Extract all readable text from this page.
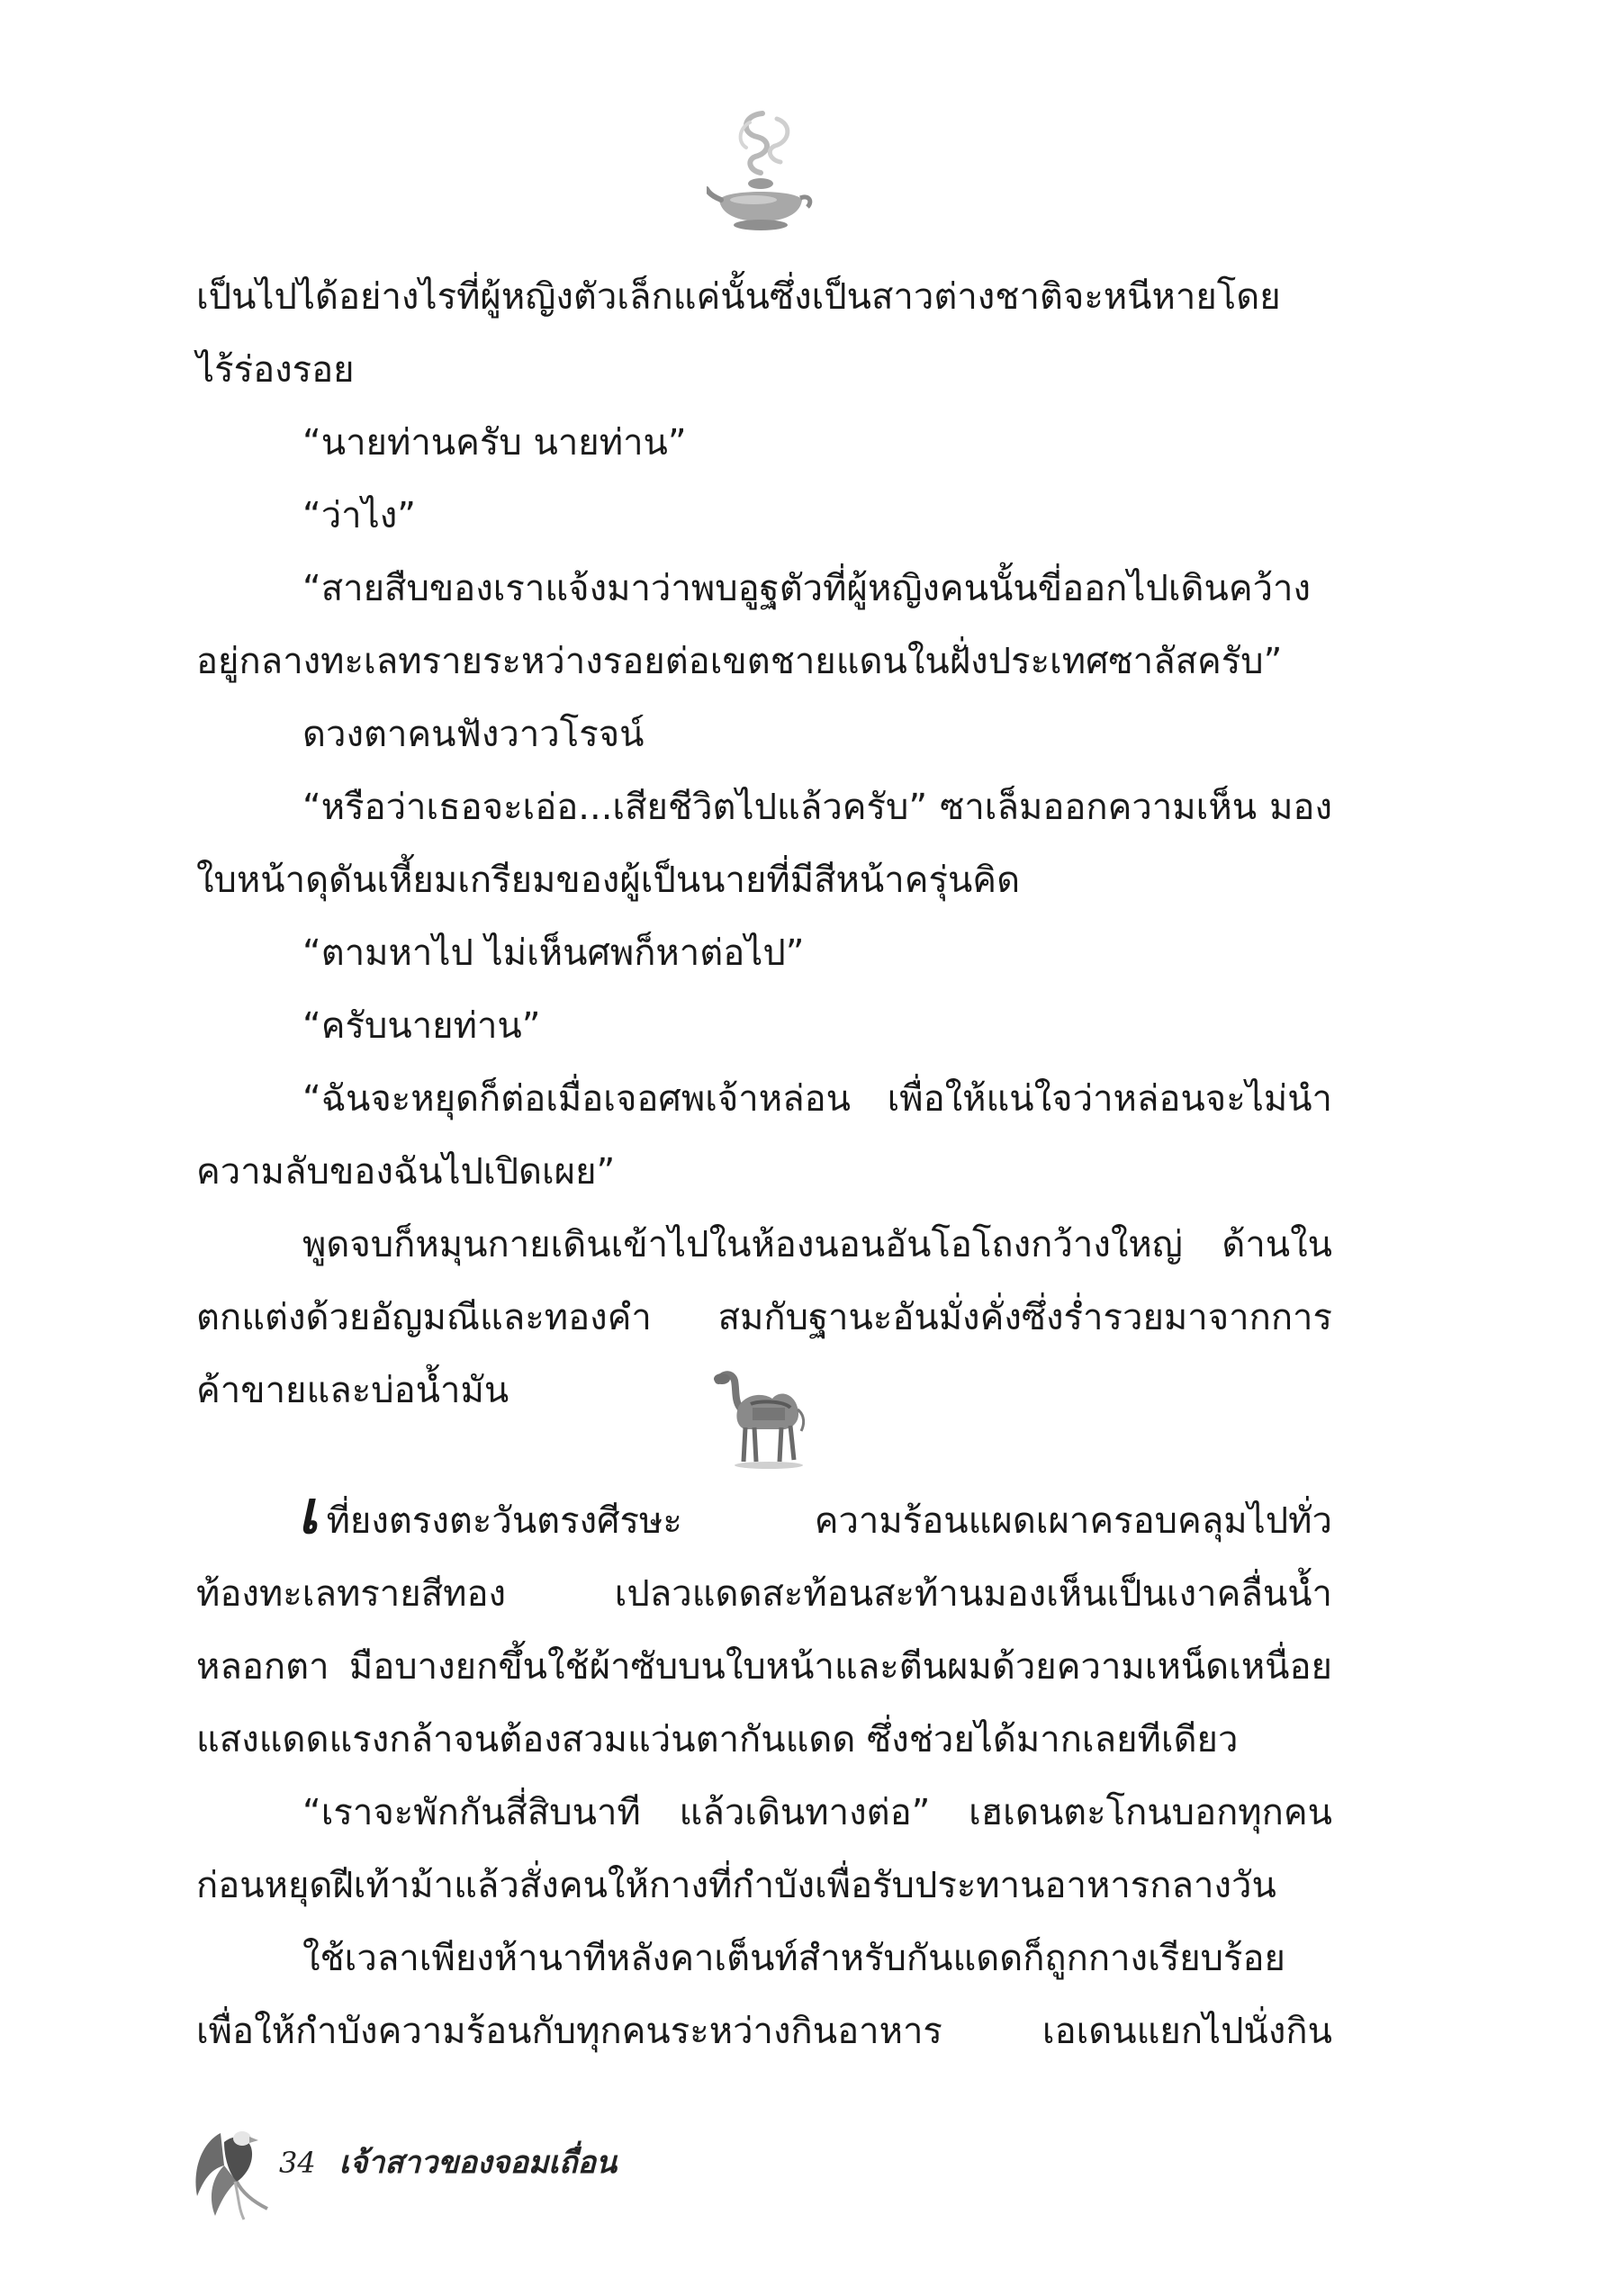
เป็นไปได้อย่างไรที่ผู้หญิงตัวเล็กแค่นั้นซึ่งเป็นสาวต่างชาติจะหนีหายโดย
ไร้ร่องรอย
“นายท่านครับ นายท่าน”
“ว่าไง”
“สายสืบของเราแจ้งมาว่าพบอูฐตัวที่ผู้หญิงคนนั้นขี่ออกไปเดินคว้าง
อยู่กลางทะเลทรายระหว่างรอยต่อเขตชายแดนในฝั่งประเทศซาลัสครับ”
ดวงตาคนฟังวาวโรจน์
“หรือว่าเธอจะเอ่อ...เสียชีวิตไปแล้วครับ” ซาเล็มออกความเห็น มอง
ใบหน้าดุดันเหี้ยมเกรียมของผู้เป็นนายที่มีสีหน้าครุ่นคิด
“ตามหาไป ไม่เห็นศพก็หาต่อไป”
“ครับนายท่าน”
“ฉันจะหยุดก็ต่อเมื่อเจอศพเจ้าหล่อน เพื่อให้แน่ใจว่าหล่อนจะไม่นำ
ความลับของฉันไปเปิดเผย”
พูดจบก็หมุนกายเดินเข้าไปในห้องนอนอันโอโถงกว้างใหญ่ ด้านใน
ตกแต่งด้วยอัญมณีและทองคำ สมกับฐานะอันมั่งคั่งซึ่งร่ำรวยมาจากการ
ค้าขายและบ่อน้ำมัน
เที่ยงตรงตะวันตรงศีรษะ ความร้อนแผดเผาครอบคลุมไปทั่ว
ท้องทะเลทรายสีทอง เปลวแดดสะท้อนสะท้านมองเห็นเป็นเงาคลื่นน้ำ
หลอกตา มือบางยกขึ้นใช้ผ้าซับบนใบหน้าและตีนผมด้วยความเหน็ดเหนื่อย
แสงแดดแรงกล้าจนต้องสวมแว่นตากันแดด ซึ่งช่วยได้มากเลยทีเดียว
“เราจะพักกันสี่สิบนาที แล้วเดินทางต่อ” เฮเดนตะโกนบอกทุกคน
ก่อนหยุดฝีเท้าม้าแล้วสั่งคนให้กางที่กำบังเพื่อรับประทานอาหารกลางวัน
ใช้เวลาเพียงห้านาทีหลังคาเต็นท์สำหรับกันแดดก็ถูกกางเรียบร้อย
เพื่อให้กำบังความร้อนกับทุกคนระหว่างกินอาหาร เอเดนแยกไปนั่งกิน
34 เจ้าสาวของจอมเถื่อน
